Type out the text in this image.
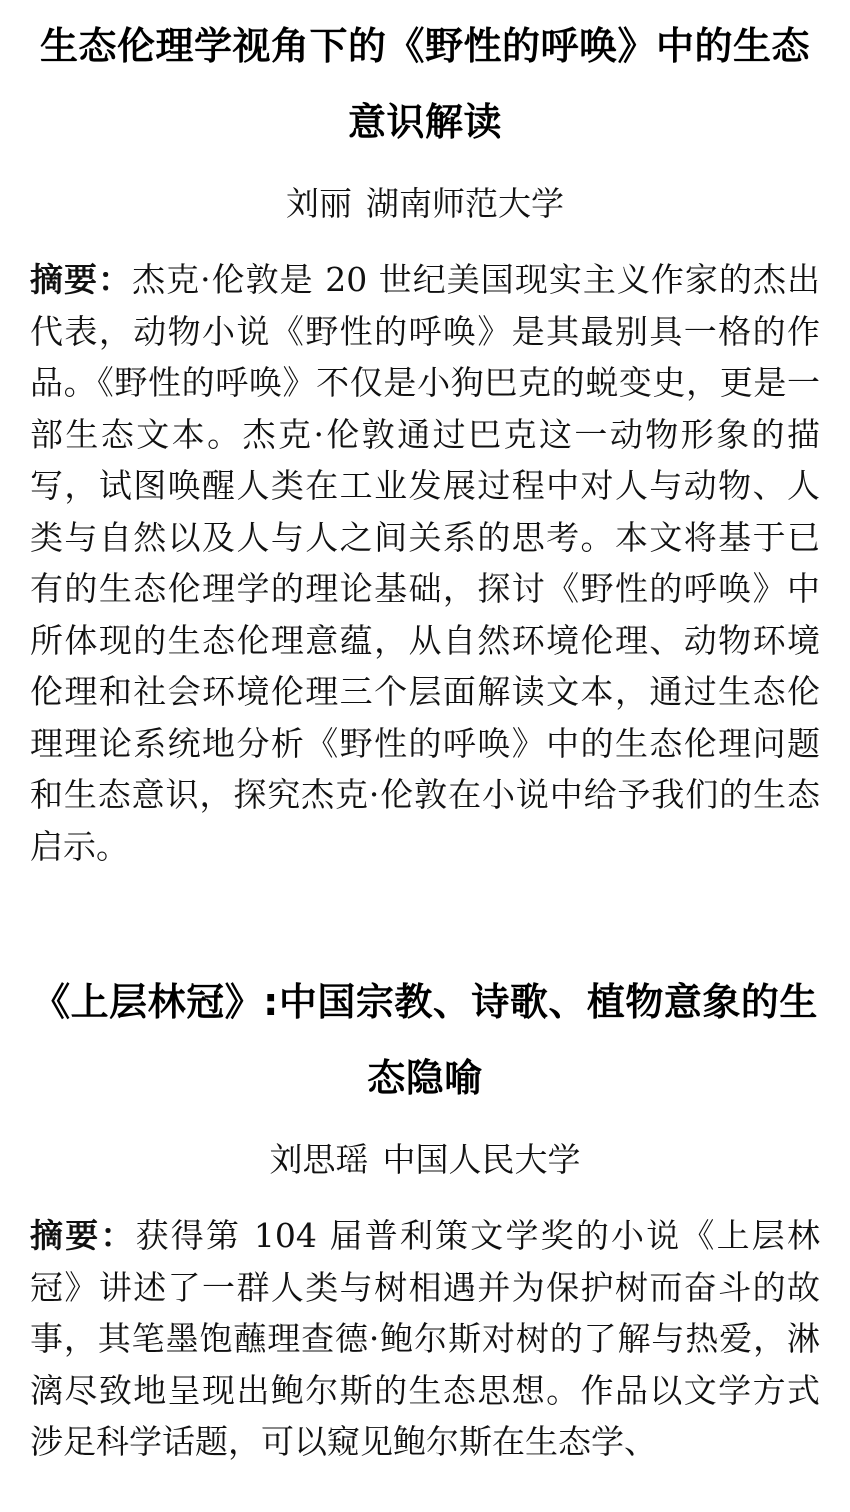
生态伦理学视角下的《野性的呼唤》中的生态意识解读

刘丽 湖南师范大学

摘要：杰克·伦敦是 20 世纪美国现实主义作家的杰出代表，动物小说《野性的呼唤》是其最别具一格的作品。《野性的呼唤》不仅是小狗巴克的蜕变史，更是一部生态文本。杰克·伦敦通过巴克这一动物形象的描写，试图唤醒人类在工业发展过程中对人与动物、人类与自然以及人与人之间关系的思考。本文将基于已有的生态伦理学的理论基础，探讨《野性的呼唤》中所体现的生态伦理意蕴，从自然环境伦理、动物环境伦理和社会环境伦理三个层面解读文本，通过生态伦理理论系统地分析《野性的呼唤》中的生态伦理问题和生态意识，探究杰克·伦敦在小说中给予我们的生态启示。

《上层林冠》:中国宗教、诗歌、植物意象的生态隐喻

刘思瑶 中国人民大学

摘要：获得第 104 届普利策文学奖的小说《上层林冠》讲述了一群人类与树相遇并为保护树而奋斗的故事，其笔墨饱蘸理查德·鲍尔斯对树的了解与热爱，淋漓尽致地呈现出鲍尔斯的生态思想。作品以文学方式涉足科学话题，可以窥见鲍尔斯在生态学、
